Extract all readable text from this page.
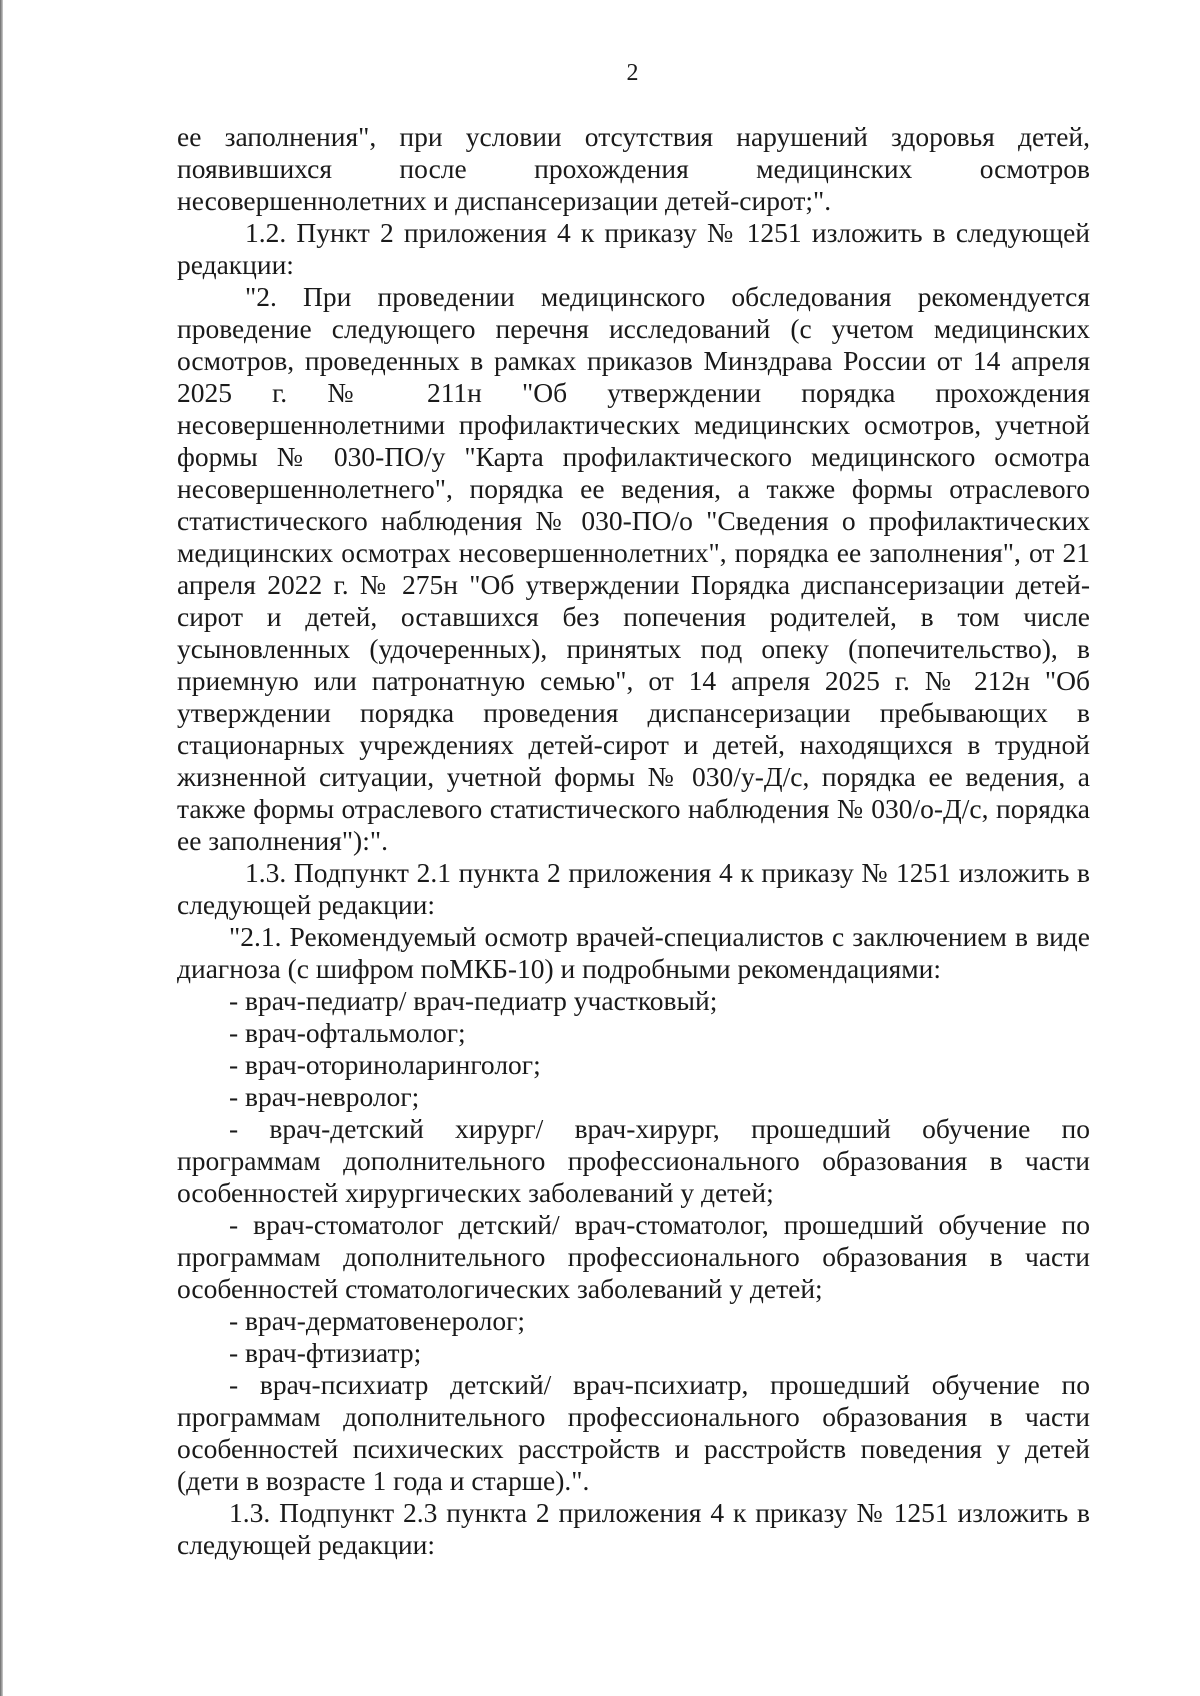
2

ее заполнения", при условии отсутствия нарушений здоровья детей, появившихся после прохождения медицинских осмотров несовершеннолетних и диспансеризации детей-сирот;".

1.2. Пункт 2 приложения 4 к приказу № 1251 изложить в следующей редакции:

"2. При проведении медицинского обследования рекомендуется проведение следующего перечня исследований (с учетом медицинских осмотров, проведенных в рамках приказов Минздрава России от 14 апреля 2025 г. № 211н "Об утверждении порядка прохождения несовершеннолетними профилактических медицинских осмотров, учетной формы № 030-ПО/у "Карта профилактического медицинского осмотра несовершеннолетнего", порядка ее ведения, а также формы отраслевого статистического наблюдения № 030-ПО/о "Сведения о профилактических медицинских осмотрах несовершеннолетних", порядка ее заполнения", от 21 апреля 2022 г. № 275н "Об утверждении Порядка диспансеризации детей-сирот и детей, оставшихся без попечения родителей, в том числе усыновленных (удочеренных), принятых под опеку (попечительство), в приемную или патронатную семью", от 14 апреля 2025 г. № 212н "Об утверждении порядка проведения диспансеризации пребывающих в стационарных учреждениях детей-сирот и детей, находящихся в трудной жизненной ситуации, учетной формы № 030/у-Д/с, порядка ее ведения, а также формы отраслевого статистического наблюдения № 030/о-Д/с, порядка ее заполнения"):".

1.3. Подпункт 2.1 пункта 2 приложения 4 к приказу № 1251 изложить в следующей редакции:

"2.1. Рекомендуемый осмотр врачей-специалистов с заключением в виде диагноза (с шифром поМКБ-10) и подробными рекомендациями:

- врач-педиатр/ врач-педиатр участковый;

- врач-офтальмолог;

- врач-оториноларинголог;

- врач-невролог;

- врач-детский хирург/ врач-хирург, прошедший обучение по программам дополнительного профессионального образования в части особенностей хирургических заболеваний у детей;

- врач-стоматолог детский/ врач-стоматолог, прошедший обучение по программам дополнительного профессионального образования в части особенностей стоматологических заболеваний у детей;

- врач-дерматовенеролог;

- врач-фтизиатр;

- врач-психиатр детский/ врач-психиатр, прошедший обучение по программам дополнительного профессионального образования в части особенностей психических расстройств и расстройств поведения у детей (дети в возрасте 1 года и старше).".

1.3. Подпункт 2.3 пункта 2 приложения 4 к приказу № 1251 изложить в следующей редакции:
